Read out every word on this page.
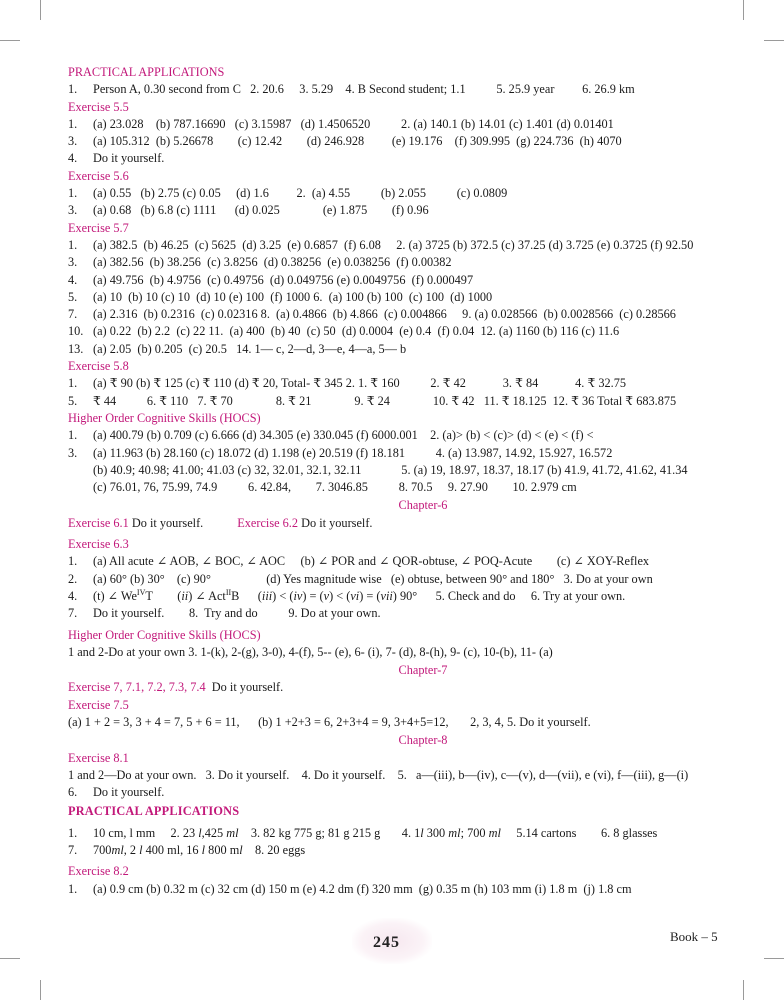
PRACTICAL APPLICATIONS
1. Person A, 0.30 second from C   2. 20.6     3. 5.29    4. B Second student; 1.1          5. 25.9 year         6. 26.9 km
Exercise 5.5
1. (a) 23.028    (b) 787.16690   (c) 3.15987   (d) 1.4506520          2. (a) 140.1 (b) 14.01 (c) 1.401 (d) 0.01401
3. (a) 105.312  (b) 5.26678        (c) 12.42        (d) 246.928         (e) 19.176    (f) 309.995  (g) 224.736  (h) 4070
4. Do it yourself.
Exercise 5.6
1. (a) 0.55   (b) 2.75 (c) 0.05     (d) 1.6         2.  (a) 4.55          (b) 2.055          (c) 0.0809
3. (a) 0.68   (b) 6.8 (c) 1111      (d) 0.025              (e) 1.875        (f) 0.96
Exercise 5.7
1. (a) 382.5  (b) 46.25  (c) 5625  (d) 3.25  (e) 0.6857  (f) 6.08     2. (a) 3725 (b) 372.5 (c) 37.25 (d) 3.725 (e) 0.3725 (f) 92.50
3. (a) 382.56  (b) 38.256  (c) 3.8256  (d) 0.38256  (e) 0.038256  (f) 0.00382
4. (a) 49.756  (b) 4.9756  (c) 0.49756  (d) 0.049756 (e) 0.0049756  (f) 0.000497
5. (a) 10  (b) 10 (c) 10  (d) 10 (e) 100  (f) 1000 6.  (a) 100 (b) 100  (c) 100  (d) 1000
7. (a) 2.316  (b) 0.2316  (c) 0.02316 8.  (a) 0.4866  (b) 4.866  (c) 0.004866     9. (a) 0.028566  (b) 0.0028566  (c) 0.28566
10. (a) 0.22  (b) 2.2  (c) 22 11.  (a) 400  (b) 40  (c) 50  (d) 0.0004  (e) 0.4  (f) 0.04  12. (a) 1160 (b) 116 (c) 11.6
13. (a) 2.05  (b) 0.205  (c) 20.5   14. 1— c, 2—d, 3—e, 4—a, 5— b
Exercise 5.8
1. (a) ₹ 90 (b) ₹ 125 (c) ₹ 110 (d) ₹ 20, Total- ₹ 345 2. 1. ₹ 160          2. ₹ 42            3. ₹ 84            4. ₹ 32.75
5. ₹ 44          6. ₹ 110   7. ₹ 70              8. ₹ 21              9. ₹ 24              10. ₹ 42   11. ₹ 18.125  12. ₹ 36 Total ₹ 683.875
Higher Order Cognitive Skills (HOCS)
1. (a) 400.79 (b) 0.709 (c) 6.666 (d) 34.305 (e) 330.045 (f) 6000.001    2. (a)> (b) < (c)> (d) < (e) < (f) <
3. (a) 11.963 (b) 28.160 (c) 18.072 (d) 1.198 (e) 20.519 (f) 18.181          4. (a) 13.987, 14.92, 15.927, 16.572
(b) 40.9; 40.98; 41.00; 41.03 (c) 32, 32.01, 32.1, 32.11             5. (a) 19, 18.97, 18.37, 18.17 (b) 41.9, 41.72, 41.62, 41.34
(c) 76.01, 76, 75.99, 74.9          6. 42.84,        7. 3046.85          8. 70.5     9. 27.90        10. 2.979 cm
Chapter-6
Exercise 6.1 Do it yourself.	Exercise 6.2 Do it yourself.
Exercise 6.3
1. (a) All acute ∠ AOB, ∠ BOC, ∠ AOC     (b) ∠ POR and ∠ QOR-obtuse, ∠ POQ-Acute        (c) ∠ XOY-Reflex
2. (a) 60° (b) 30°    (c) 90°                  (d) Yes magnitude wise   (e) obtuse, between 90° and 180°   3. Do at your own
4. (t) ∠ $We^{IV}T$        (ii) ∠ Act$^{II}$B      (iii) < (iv) = (v) < (vi) = (vii) 90°      5. Check and do     6. Try at your own.
7. Do it yourself.        8.  Try and do          9. Do at your own.
Higher Order Cognitive Skills (HOCS)
1 and 2-Do at your own 3. 1-(k), 2-(g), 3-0), 4-(f), 5-- (e), 6- (i), 7- (d), 8-(h), 9- (c), 10-(b), 11- (a)
Chapter-7
Exercise 7, 7.1, 7.2, 7.3, 7.4 Do it yourself.
Exercise 7.5
(a) 1 + 2 = 3, 3 + 4 = 7, 5 + 6 = 11,      (b) 1 +2+3 = 6, 2+3+4 = 9, 3+4+5=12,       2, 3, 4, 5. Do it yourself.
Chapter-8
Exercise 8.1
1 and 2—Do at your own.   3. Do it yourself.    4. Do it yourself.    5.   a—(iii), b—(iv), c—(v), d—(vii), e (vi), f—(iii), g—(i)
6. Do it yourself.
PRACTICAL APPLICATIONS
1. 10 cm, l mm     2. 23 l,425 ml    3. 82 kg 775 g; 81 g 215 g       4. 1l 300 ml; 700 ml     5.14 cartons        6. 8 glasses
7. 700ml, 2 l 400 ml, 16 l 800 ml    8. 20 eggs
Exercise 8.2
1. (a) 0.9 cm (b) 0.32 m (c) 32 cm (d) 150 m (e) 4.2 dm (f) 320 mm  (g) 0.35 m (h) 103 mm (i) 1.8 m  (j) 1.8 cm
245	Book – 5
